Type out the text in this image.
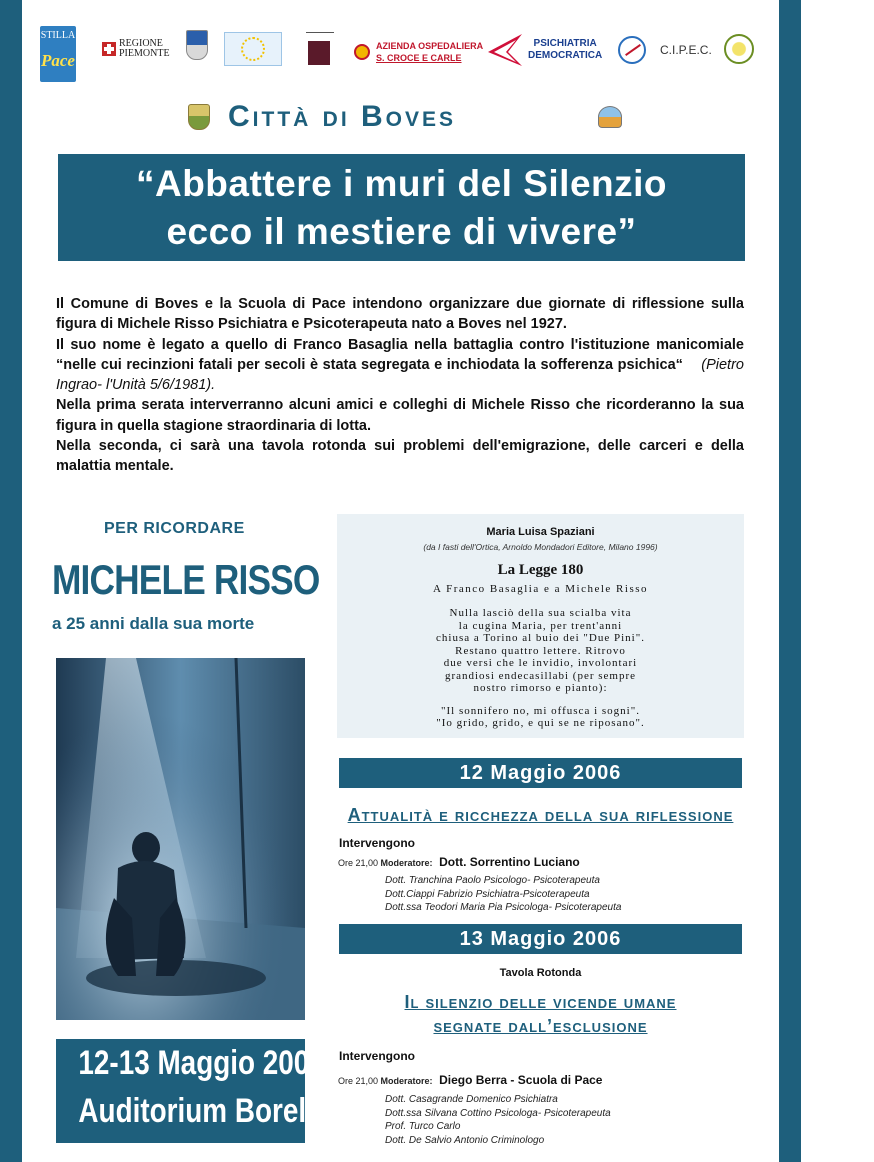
STILLA
Pace
REGIONE
PIEMONTE
AZIENDA OSPEDALIERA
S. CROCE E CARLE
PSICHIATRIA
DEMOCRATICA	C.I.P.E.C.
Città di Boves
“Abbattere i muri del Silenzio
ecco il mestiere di vivere”

Il Comune di Boves e la Scuola di Pace intendono organizzare due giornate di riflessione sulla figura di Michele Risso Psichiatra e Psicoterapeuta nato a Boves nel 1927.

Il suo nome è legato a quello di Franco Basaglia nella battaglia contro l'istituzione manicomiale “nelle cui recinzioni fatali per secoli è stata segregata e inchiodata la sofferenza psichica“ (Pietro Ingrao- l'Unità 5/6/1981).

Nella prima serata interverranno alcuni amici e colleghi di Michele Risso che ricorderanno la sua figura in quella stagione straordinaria di lotta.

Nella seconda, ci sarà una tavola rotonda sui problemi dell'emigrazione, delle carceri e della malattia mentale.

PER RICORDARE
MICHELE RISSO
a 25 anni dalla sua morte
12-13 Maggio 2006
Auditorium Borelli
Maria Luisa Spaziani
(da I fasti dell'Ortica, Arnoldo Mondadori Editore, Milano 1996)
La Legge 180
A Franco Basaglia e a Michele Risso
Nulla lasciò della sua scialba vita
la cugina Maria, per trent'anni
chiusa a Torino al buio dei "Due Pini".
Restano quattro lettere. Ritrovo
due versi che le invidio, involontari
grandiosi endecasillabi (per sempre
nostro rimorso e pianto):
"Il sonnifero no, mi offusca i sogni".
"Io grido, grido, e qui se ne riposano".
12 Maggio 2006
Attualità e ricchezza della sua riflessione
Intervengono
Ore 21,00 Moderatore: Dott. Sorrentino Luciano
Dott. Tranchina Paolo Psicologo- Psicoterapeuta
Dott.Ciappi Fabrizio Psichiatra-Psicoterapeuta
Dott.ssa Teodori Maria Pia Psicologa- Psicoterapeuta
13 Maggio 2006
Tavola Rotonda
Il silenzio delle vicende umane
segnate dall’esclusione
Intervengono
Ore 21,00 Moderatore: Diego Berra - Scuola di Pace
Dott. Casagrande Domenico Psichiatra
Dott.ssa Silvana Cottino Psicologa- Psicoterapeuta
Prof. Turco Carlo
Dott. De Salvio Antonio Criminologo
